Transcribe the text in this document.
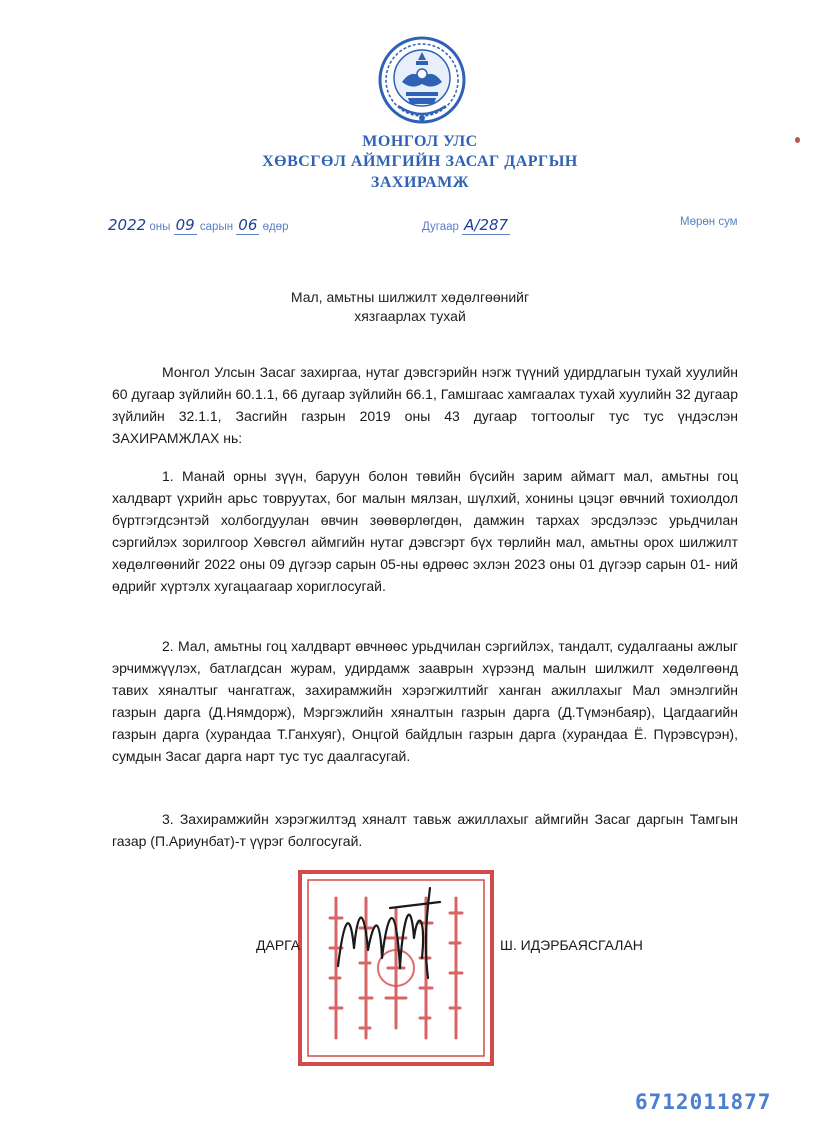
МОНГОЛ УЛС
ХӨВСГӨЛ АЙМГИЙН ЗАСАГ ДАРГЫН
ЗАХИРАМЖ
2022 оны 09 сарын 06 өдөр	Дугаар А/287	Мөрөн сум
Мал, амьтны шилжилт хөдөлгөөнийг
хязгаарлах тухай
Монгол Улсын Засаг захиргаа, нутаг дэвсгэрийн нэгж түүний удирдлагын тухай хуулийн 60 дугаар зүйлийн 60.1.1, 66 дугаар зүйлийн 66.1, Гамшгаас хамгаалах тухай хуулийн 32 дугаар зүйлийн 32.1.1, Засгийн газрын 2019 оны 43 дугаар тогтоолыг тус тус үндэслэн ЗАХИРАМЖЛАХ нь:
1. Манай орны зүүн, баруун болон төвийн бүсийн зарим аймагт мал, амьтны гоц халдварт үхрийн арьс товруутах, бог малын мялзан, шүлхий, хонины цэцэг өвчний тохиолдол бүртгэгдсэнтэй холбогдуулан өвчин зөөвөрлөгдөн, дамжин тархах эрсдэлээс урьдчилан сэргийлэх зорилгоор Хөвсгөл аймгийн нутаг дэвсгэрт бүх төрлийн мал, амьтны орох шилжилт хөдөлгөөнийг 2022 оны 09 дүгээр сарын 05-ны өдрөөс эхлэн 2023 оны 01 дүгээр сарын 01- ний өдрийг хүртэлх хугацаагаар хориглосугай.
2. Мал, амьтны гоц халдварт өвчнөөс урьдчилан сэргийлэх, тандалт, судалгааны ажлыг эрчимжүүлэх, батлагдсан журам, удирдамж зааврын хүрээнд малын шилжилт хөдөлгөөнд тавих хяналтыг чангатгаж, захирамжийн хэрэгжилтийг ханган ажиллахыг Мал эмнэлгийн газрын дарга (Д.Нямдорж), Мэргэжлийн хяналтын газрын дарга (Д.Түмэнбаяр), Цагдаагийн газрын дарга (хурандаа Т.Ганхуяг), Онцгой байдлын газрын дарга (хурандаа Ё. Пүрэвсүрэн), сумдын Засаг дарга нарт тус тус даалгасугай.
3. Захирамжийн хэрэгжилтэд хяналт тавьж ажиллахыг аймгийн Засаг даргын Тамгын газар (П.Ариунбат)-т үүрэг болгосугай.
ДАРГА	Ш. ИДЭРБАЯСГАЛАН
6712011877
